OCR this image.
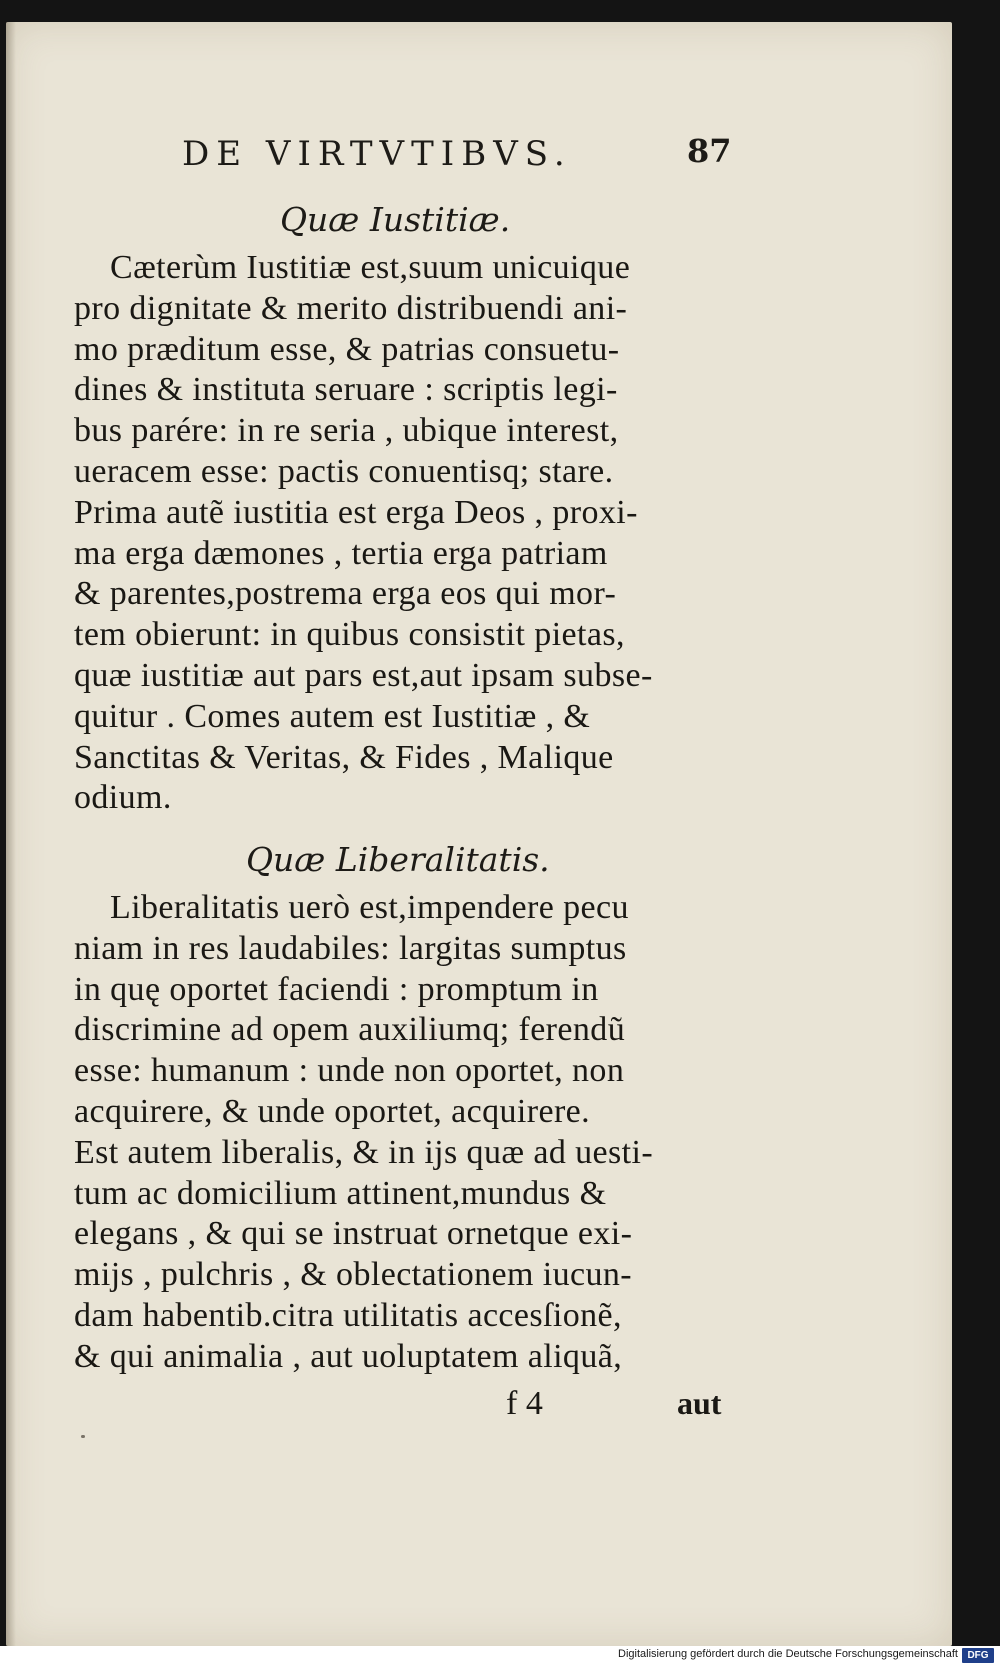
DE VIRTVTIBVS.	87
Quæ Iustitiæ.
Cæterùm Iustitiæ est,suum unicuique
pro dignitate & merito distribuendi ani-
mo præditum esse, & patrias consuetu-
dines & instituta seruare : scriptis legi-
bus parére: in re seria , ubique interest,
ueracem esse: pactis conuentisq; stare.
Prima autẽ iustitia est erga Deos , proxi-
ma erga dæmones , tertia erga patriam
& parentes,postrema erga eos qui mor-
tem obierunt: in quibus consistit pietas,
quæ iustitiæ aut pars est,aut ipsam subse-
quitur . Comes autem est Iustitiæ , &
Sanctitas & Veritas, & Fides , Malique
odium.
Quæ Liberalitatis.
Liberalitatis uerò est,impendere pecu
niam in res laudabiles: largitas sumptus
in quę oportet faciendi : promptum in
discrimine ad opem auxiliumq; ferendũ
esse: humanum : unde non oportet, non
acquirere, & unde oportet, acquirere.
Est autem liberalis, & in ijs quæ ad uesti-
tum ac domicilium attinent,mundus &
elegans , & qui se instruat ornetque exi-
mijs , pulchris , & oblectationem iucun-
dam habentib.citra utilitatis accesſionẽ,
& qui animalia , aut uoluptatem aliquã,
f 4	aut
Digitalisierung gefördert durch die Deutsche Forschungsgemeinschaft DFG
